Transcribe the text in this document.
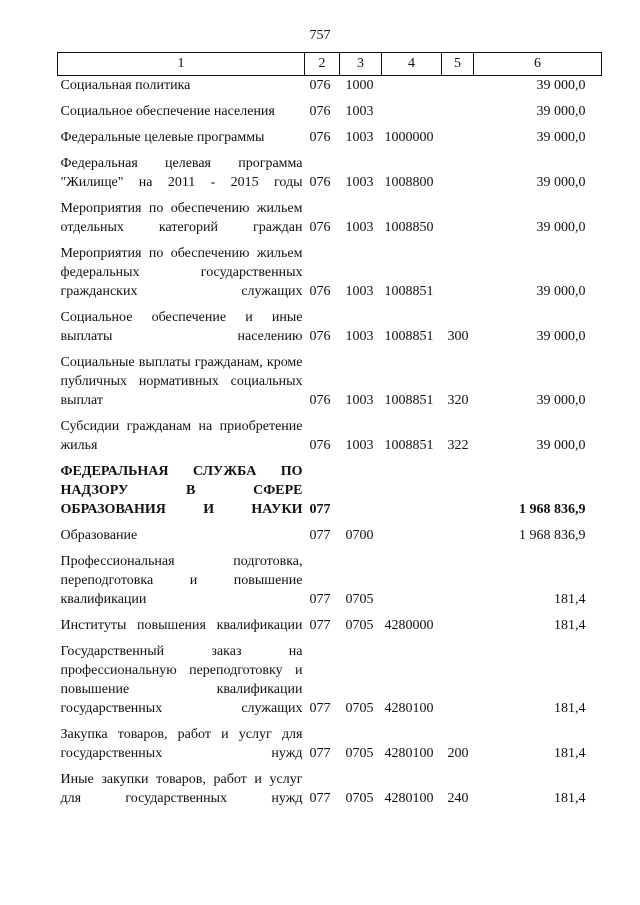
757
1	2	3	4	5	6
Социальная политика	076	1000			39 000,0

Социальное обеспечение населения	076	1003			39 000,0

Федеральные целевые программы	076	1003	1000000		39 000,0

Федеральная целевая программа "Жилище" на 2011 - 2015 годы	076	1003	1008800		39 000,0

Мероприятия по обеспечению жильем отдельных категорий граждан	076	1003	1008850		39 000,0

Мероприятия по обеспечению жильем федеральных государственных гражданских служащих	076	1003	1008851		39 000,0

Социальное обеспечение и иные выплаты населению	076	1003	1008851	300	39 000,0

Социальные выплаты гражданам, кроме публичных нормативных социальных выплат	076	1003	1008851	320	39 000,0

Субсидии гражданам на приобретение жилья	076	1003	1008851	322	39 000,0

ФЕДЕРАЛЬНАЯ СЛУЖБА ПО НАДЗОРУ В СФЕРЕ ОБРАЗОВАНИЯ И НАУКИ	077				1 968 836,9

Образование	077	0700			1 968 836,9

Профессиональная подготовка, переподготовка и повышение квалификации	077	0705			181,4

Институты повышения квалификации	077	0705	4280000		181,4

Государственный заказ на профессиональную переподготовку и повышение квалификации государственных служащих	077	0705	4280100		181,4

Закупка товаров, работ и услуг для государственных нужд	077	0705	4280100	200	181,4

Иные закупки товаров, работ и услуг для государственных нужд	077	0705	4280100	240	181,4
